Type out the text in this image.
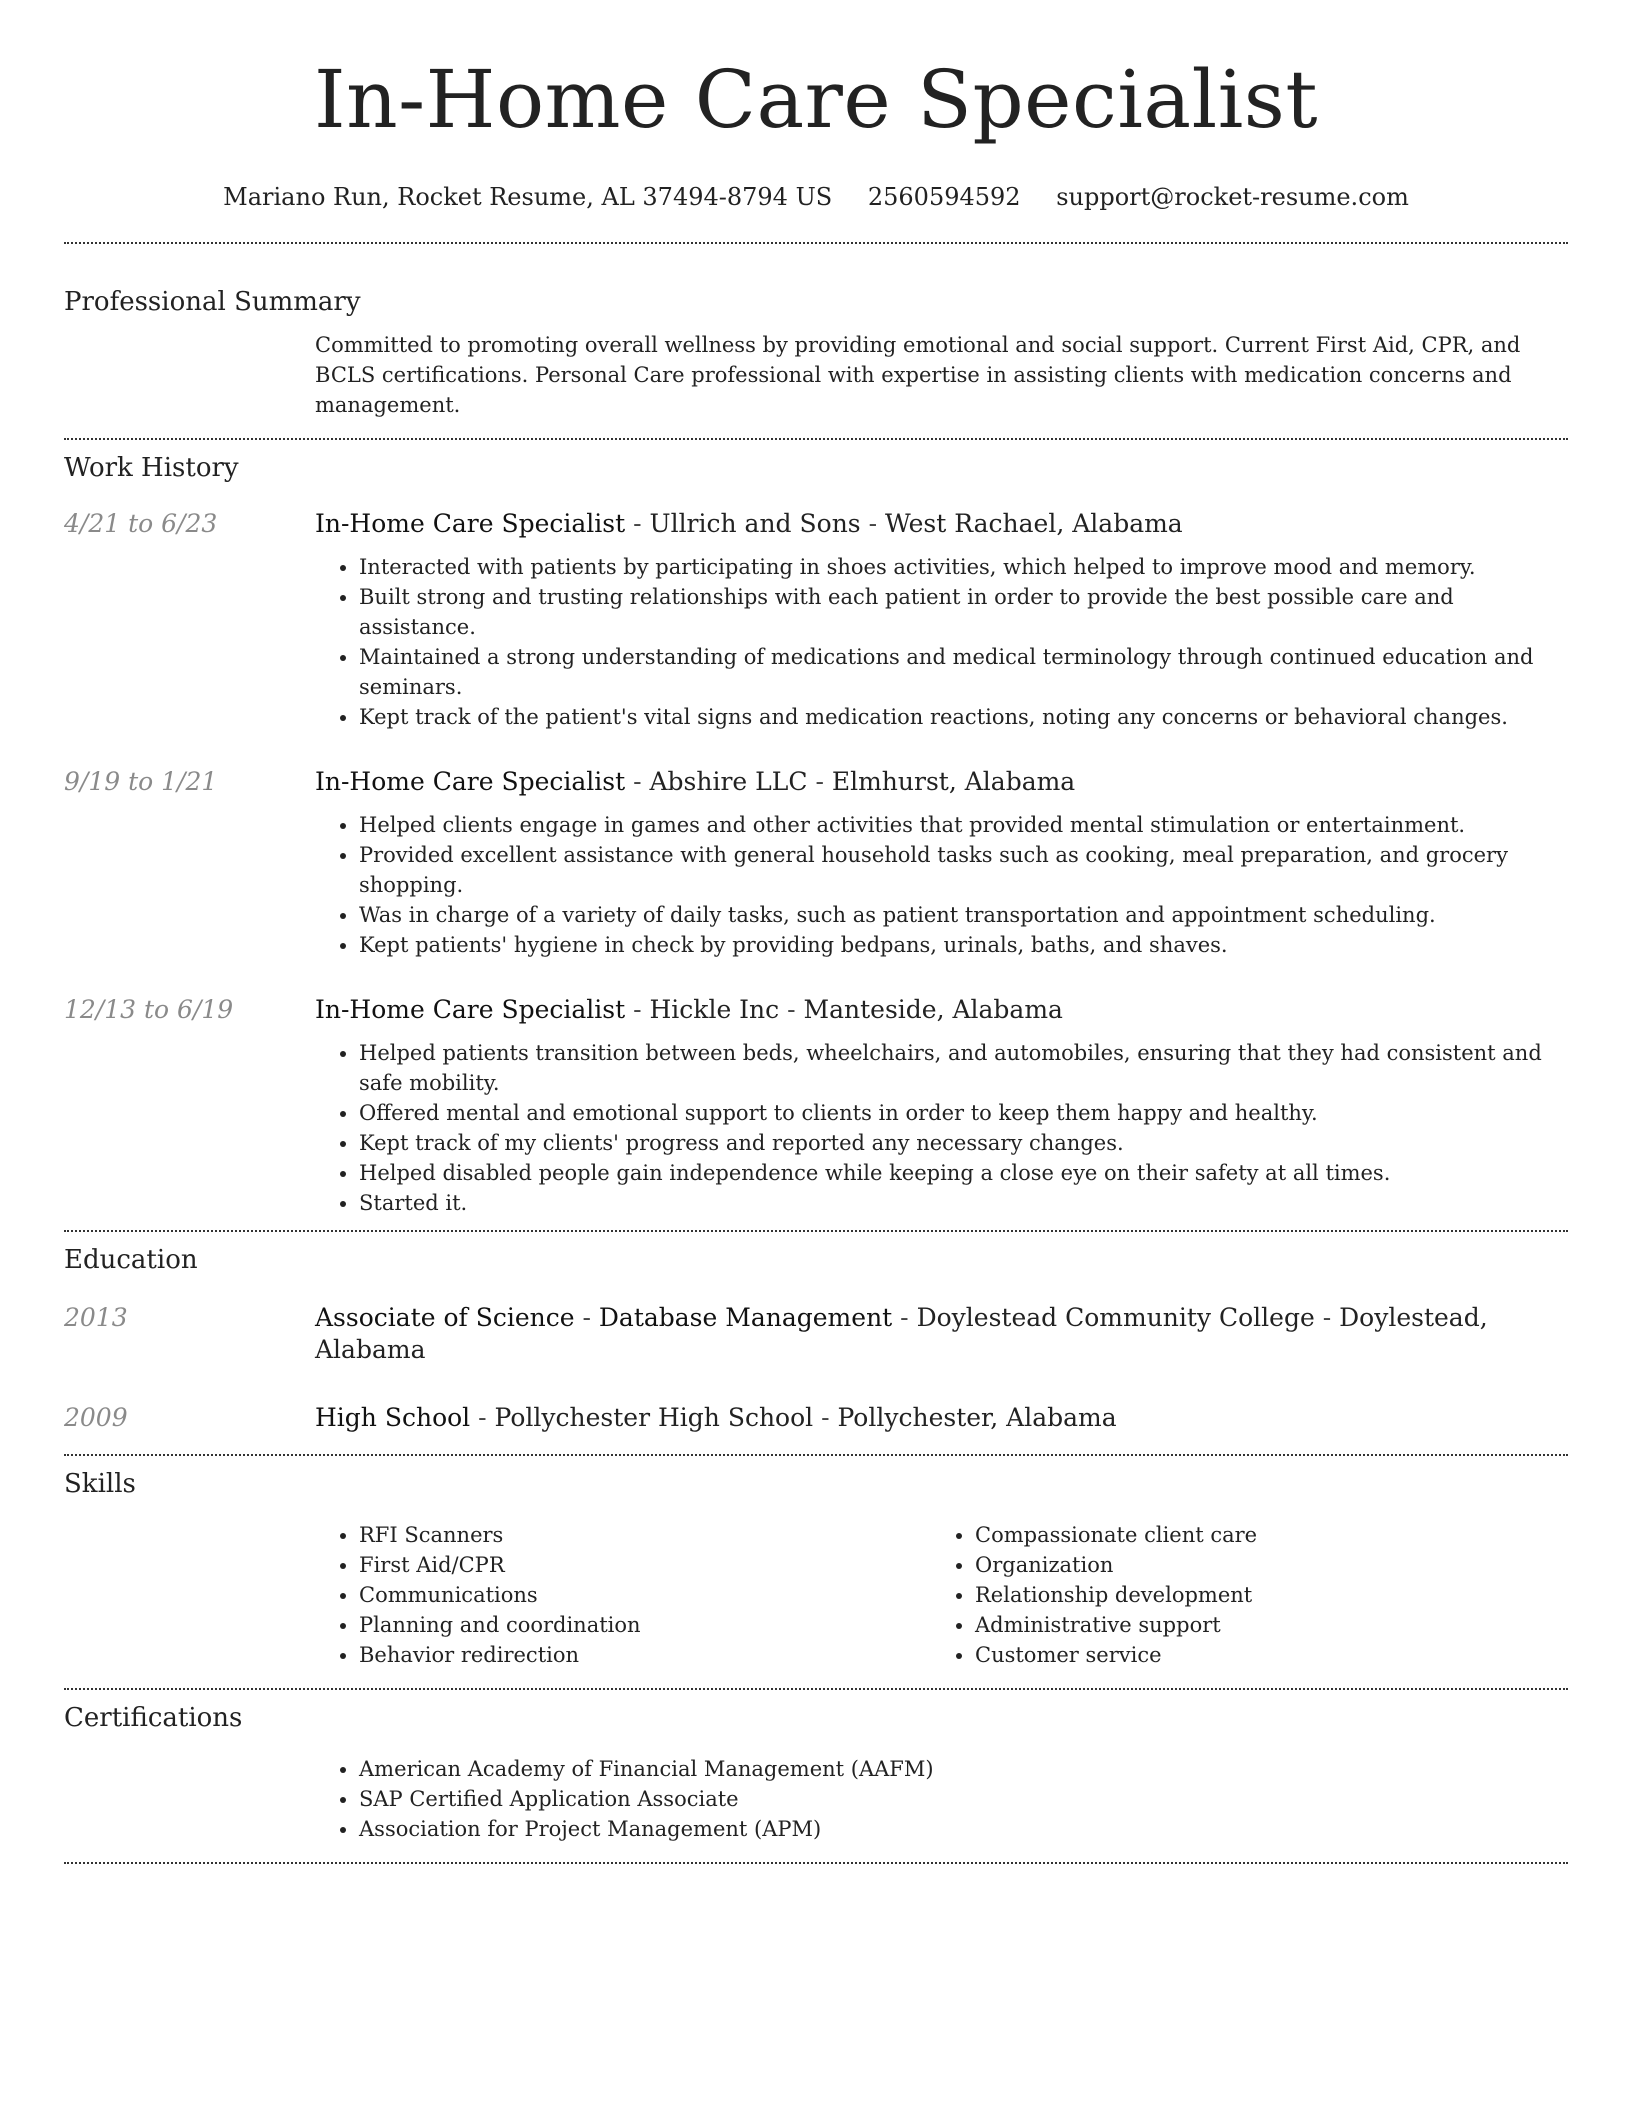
In-Home Care Specialist
Mariano Run, Rocket Resume, AL 37494-8794 US 2560594592 support@rocket-resume.com
Professional Summary

Committed to promoting overall wellness by providing emotional and social support. Current First Aid, CPR, and BCLS certifications. Personal Care professional with expertise in assisting clients with medication concerns and management.

Work History
4/21 to 6/23	In-Home Care Specialist - Ullrich and Sons - West Rachael, Alabama
• Interacted with patients by participating in shoes activities, which helped to improve mood and memory.
• Built strong and trusting relationships with each patient in order to provide the best possible care and assistance.
• Maintained a strong understanding of medications and medical terminology through continued education and seminars.
• Kept track of the patient's vital signs and medication reactions, noting any concerns or behavioral changes.
9/19 to 1/21	In-Home Care Specialist - Abshire LLC - Elmhurst, Alabama
• Helped clients engage in games and other activities that provided mental stimulation or entertainment.
• Provided excellent assistance with general household tasks such as cooking, meal preparation, and grocery shopping.
• Was in charge of a variety of daily tasks, such as patient transportation and appointment scheduling.
• Kept patients' hygiene in check by providing bedpans, urinals, baths, and shaves.
12/13 to 6/19	In-Home Care Specialist - Hickle Inc - Manteside, Alabama
• Helped patients transition between beds, wheelchairs, and automobiles, ensuring that they had consistent and safe mobility.
• Offered mental and emotional support to clients in order to keep them happy and healthy.
• Kept track of my clients' progress and reported any necessary changes.
• Helped disabled people gain independence while keeping a close eye on their safety at all times.
• Started it.
Education
2013	Associate of Science - Database Management - Doylestead Community College - Doylestead, Alabama
2009	High School - Pollychester High School - Pollychester, Alabama
Skills
• RFI Scanners
• First Aid/CPR
• Communications
• Planning and coordination
• Behavior redirection
• Compassionate client care
• Organization
• Relationship development
• Administrative support
• Customer service
Certifications
• American Academy of Financial Management (AAFM)
• SAP Certified Application Associate
• Association for Project Management (APM)
